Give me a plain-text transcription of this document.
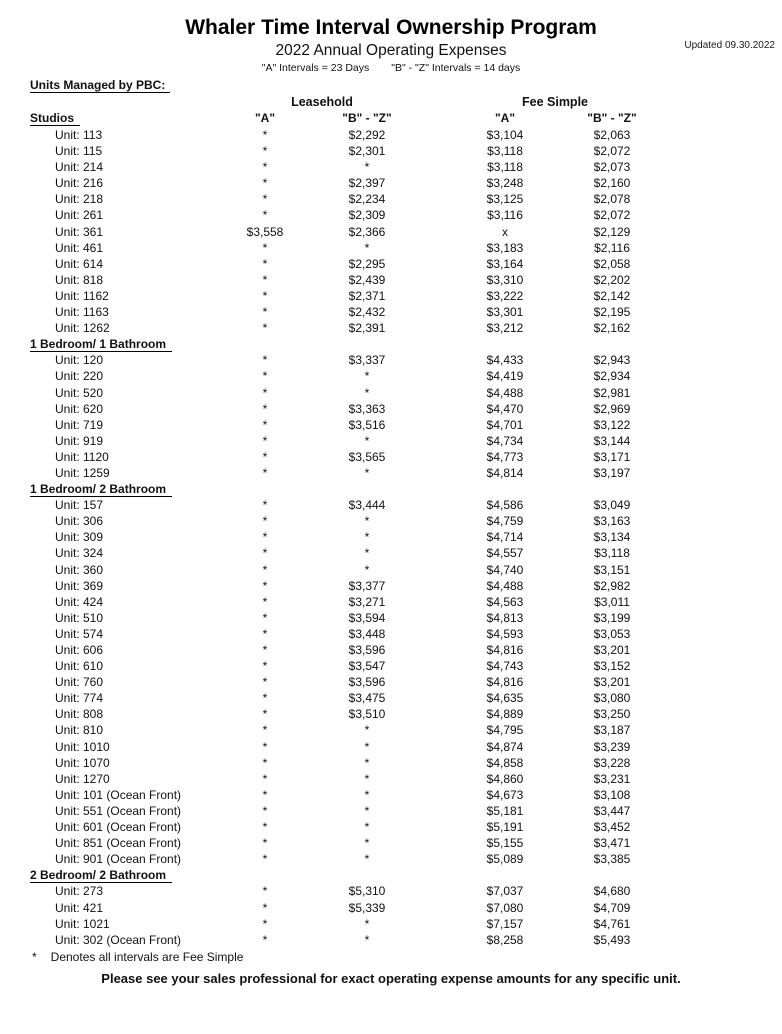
Updated 09.30.2022
Whaler Time Interval Ownership Program
2022 Annual Operating Expenses
"A" Intervals = 23 Days "B" - "Z" Intervals = 14 days
Units Managed by PBC:
Leasehold	Fee Simple
Studios	"A"	"B" - "Z"	"A"	"B" - "Z"
Unit: 113	*	$2,292	$3,104	$2,063
Unit: 115	*	$2,301	$3,118	$2,072
Unit: 214	*	*	$3,118	$2,073
Unit: 216	*	$2,397	$3,248	$2,160
Unit: 218	*	$2,234	$3,125	$2,078
Unit: 261	*	$2,309	$3,116	$2,072
Unit: 361	$3,558	$2,366	x	$2,129
Unit: 461	*	*	$3,183	$2,116
Unit: 614	*	$2,295	$3,164	$2,058
Unit: 818	*	$2,439	$3,310	$2,202
Unit: 1162	*	$2,371	$3,222	$2,142
Unit: 1163	*	$2,432	$3,301	$2,195
Unit: 1262	*	$2,391	$3,212	$2,162
1 Bedroom/ 1 Bathroom
Unit: 120	*	$3,337	$4,433	$2,943
Unit: 220	*	*	$4,419	$2,934
Unit: 520	*	*	$4,488	$2,981
Unit: 620	*	$3,363	$4,470	$2,969
Unit: 719	*	$3,516	$4,701	$3,122
Unit: 919	*	*	$4,734	$3,144
Unit: 1120	*	$3,565	$4,773	$3,171
Unit: 1259	*	*	$4,814	$3,197
1 Bedroom/ 2 Bathroom
Unit: 157	*	$3,444	$4,586	$3,049
Unit: 306	*	*	$4,759	$3,163
Unit: 309	*	*	$4,714	$3,134
Unit: 324	*	*	$4,557	$3,118
Unit: 360	*	*	$4,740	$3,151
Unit: 369	*	$3,377	$4,488	$2,982
Unit: 424	*	$3,271	$4,563	$3,011
Unit: 510	*	$3,594	$4,813	$3,199
Unit: 574	*	$3,448	$4,593	$3,053
Unit: 606	*	$3,596	$4,816	$3,201
Unit: 610	*	$3,547	$4,743	$3,152
Unit: 760	*	$3,596	$4,816	$3,201
Unit: 774	*	$3,475	$4,635	$3,080
Unit: 808	*	$3,510	$4,889	$3,250
Unit: 810	*	*	$4,795	$3,187
Unit: 1010	*	*	$4,874	$3,239
Unit: 1070	*	*	$4,858	$3,228
Unit: 1270	*	*	$4,860	$3,231
Unit: 101 (Ocean Front)	*	*	$4,673	$3,108
Unit: 551 (Ocean Front)	*	*	$5,181	$3,447
Unit: 601 (Ocean Front)	*	*	$5,191	$3,452
Unit: 851 (Ocean Front)	*	*	$5,155	$3,471
Unit: 901 (Ocean Front)	*	*	$5,089	$3,385
2 Bedroom/ 2 Bathroom
Unit: 273	*	$5,310	$7,037	$4,680
Unit: 421	*	$5,339	$7,080	$4,709
Unit: 1021	*	*	$7,157	$4,761
Unit: 302 (Ocean Front)	*	*	$8,258	$5,493
* Denotes all intervals are Fee Simple
Please see your sales professional for exact operating expense amounts for any specific unit.
